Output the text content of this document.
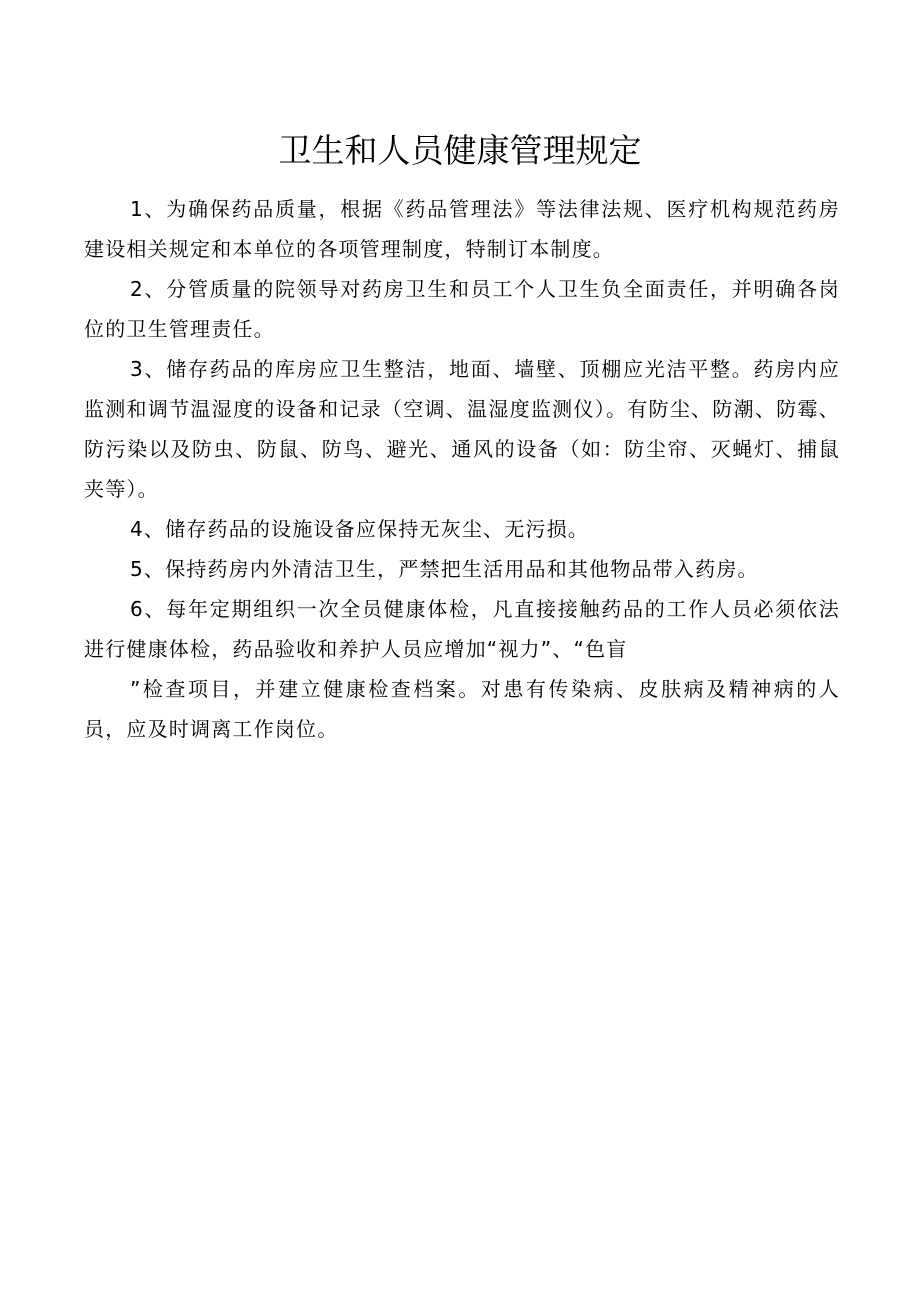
卫生和人员健康管理规定

1、为确保药品质量，根据《药品管理法》等法律法规、医疗机构规范药房建设相关规定和本单位的各项管理制度，特制订本制度。

2、分管质量的院领导对药房卫生和员工个人卫生负全面责任，并明确各岗位的卫生管理责任。

3、储存药品的库房应卫生整洁，地面、墙壁、顶棚应光洁平整。药房内应监测和调节温湿度的设备和记录（空调、温湿度监测仪）。有防尘、防潮、防霉、防污染以及防虫、防鼠、防鸟、避光、通风的设备（如：防尘帘、灭蝇灯、捕鼠夹等）。

4、储存药品的设施设备应保持无灰尘、无污损。

5、保持药房内外清洁卫生，严禁把生活用品和其他物品带入药房。

6、每年定期组织一次全员健康体检，凡直接接触药品的工作人员必须依法进行健康体检，药品验收和养护人员应增加“视力”、“色盲

”检查项目，并建立健康检查档案。对患有传染病、皮肤病及精神病的人员，应及时调离工作岗位。
